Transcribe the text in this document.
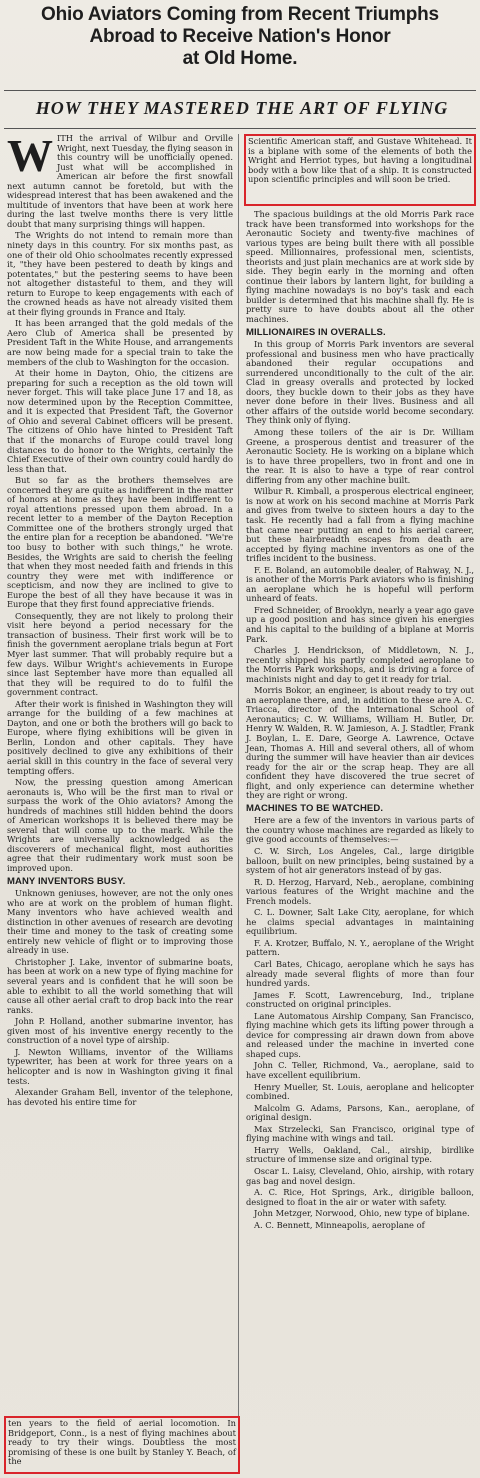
Ohio Aviators Coming from Recent Triumphs
Abroad to Receive Nation's Honor
at Old Home.
HOW THEY MASTERED THE ART OF FLYING
W ITH the arrival of Wilbur and Orville Wright, next Tuesday, the flying season in this country will be unofficially opened. Just what will be accomplished in American air before the first snowfall next autumn cannot be foretold, but with the widespread interest that has been awakened and the multitude of inventors that have been at work here during the last twelve months there is very little doubt that many surprising things will happen.

The Wrights do not intend to remain more than ninety days in this country. For six months past, as one of their old Ohio schoolmates recently expressed it, "they have been pestered to death by kings and potentates," but the pestering seems to have been not altogether distasteful to them, and they will return to Europe to keep engagements with each of the crowned heads as have not already visited them at their flying grounds in France and Italy.

It has been arranged that the gold medals of the Aero Club of America shall be presented by President Taft in the White House, and arrangements are now being made for a special train to take the members of the club to Washington for the occasion.

At their home in Dayton, Ohio, the citizens are preparing for such a reception as the old town will never forget. This will take place June 17 and 18, as now determined upon by the Reception Committee, and it is expected that President Taft, the Governor of Ohio and several Cabinet officers will be present. The citizens of Ohio have hinted to President Taft that if the monarchs of Europe could travel long distances to do honor to the Wrights, certainly the Chief Executive of their own country could hardly do less than that.

But so far as the brothers themselves are concerned they are quite as indifferent in the matter of honors at home as they have been indifferent to royal attentions pressed upon them abroad. In a recent letter to a member of the Dayton Reception Committee one of the brothers strongly urged that the entire plan for a reception be abandoned. "We're too busy to bother with such things," he wrote. Besides, the Wrights are said to cherish the feeling that when they most needed faith and friends in this country they were met with indifference or scepticism, and now they are inclined to give to Europe the best of all they have because it was in Europe that they first found appreciative friends.

Consequently, they are not likely to prolong their visit here beyond a period necessary for the transaction of business. Their first work will be to finish the government aeroplane trials begun at Fort Myer last summer. That will probably require but a few days. Wilbur Wright's achievements in Europe since last September have more than equalled all that they will be required to do to fulfil the government contract.

After their work is finished in Washington they will arrange for the building of a few machines at Dayton, and one or both the brothers will go back to Europe, where flying exhibitions will be given in Berlin, London and other capitals. They have positively declined to give any exhibitions of their aerial skill in this country in the face of several very tempting offers.

Now, the pressing question among American aeronauts is, Who will be the first man to rival or surpass the work of the Ohio aviators? Among the hundreds of machines still hidden behind the doors of American workshops it is believed there may be several that will come up to the mark. While the Wrights are universally acknowledged as the discoverers of mechanical flight, most authorities agree that their rudimentary work must soon be improved upon.

MANY INVENTORS BUSY.

Unknown geniuses, however, are not the only ones who are at work on the problem of human flight. Many inventors who have achieved wealth and distinction in other avenues of research are devoting their time and money to the task of creating some entirely new vehicle of flight or to improving those already in use.

Christopher J. Lake, inventor of submarine boats, has been at work on a new type of flying machine for several years and is confident that he will soon be able to exhibit to all the world something that will cause all other aerial craft to drop back into the rear ranks.

John P. Holland, another submarine inventor, has given most of his inventive energy recently to the construction of a novel type of airship.

J. Newton Williams, inventor of the Williams typewriter, has been at work for three years on a helicopter and is now in Washington giving it final tests.

Alexander Graham Bell, inventor of the telephone, has devoted his entire time for

ten years to the field of aerial locomotion. In Bridgeport, Conn., is a nest of flying machines about ready to try their wings. Doubtless the most promising of these is one built by Stanley Y. Beach, of the
Scientific American staff, and Gustave Whitehead. It is a biplane with some of the elements of both the Wright and Herriot types, but having a longitudinal body with a bow like that of a ship. It is constructed upon scientific principles and will soon be tried.

The spacious buildings at the old Morris Park race track have been transformed into workshops for the Aeronautic Society and twenty-five machines of various types are being built there with all possible speed. Millionnaires, professional men, scientists, theorists and just plain mechanics are at work side by side. They begin early in the morning and often continue their labors by lantern light, for building a flying machine nowadays is no boy's task and each builder is determined that his machine shall fly. He is pretty sure to have doubts about all the other machines.

MILLIONAIRES IN OVERALLS.

In this group of Morris Park inventors are several professional and business men who have practically abandoned their regular occupations and surrendered unconditionally to the cult of the air. Clad in greasy overalls and protected by locked doors, they buckle down to their jobs as they have never done before in their lives. Business and all other affairs of the outside world become secondary. They think only of flying.

Among these toilers of the air is Dr. William Greene, a prosperous dentist and treasurer of the Aeronautic Society. He is working on a biplane which is to have three propellers, two in front and one in the rear. It is also to have a type of rear control differing from any other machine built.

Wilbur R. Kimball, a prosperous electrical engineer, is now at work on his second machine at Morris Park and gives from twelve to sixteen hours a day to the task. He recently had a fall from a flying machine that came near putting an end to his aerial career, but these hairbreadth escapes from death are accepted by flying machine inventors as one of the trifles incident to the business.

F. E. Boland, an automobile dealer, of Rahway, N. J., is another of the Morris Park aviators who is finishing an aeroplane which he is hopeful will perform unheard of feats.

Fred Schneider, of Brooklyn, nearly a year ago gave up a good position and has since given his energies and his capital to the building of a biplane at Morris Park.

Charles J. Hendrickson, of Middletown, N. J., recently shipped his partly completed aeroplane to the Morris Park workshops, and is driving a force of machinists night and day to get it ready for trial.

Morris Bokor, an engineer, is about ready to try out an aeroplane there, and, in addition to these are A. C. Triacca, director of the International School of Aeronautics; C. W. Williams, William H. Butler, Dr. Henry W. Walden, R. W. Jamieson, A. J. Stadtler, Frank J. Boylan, L. E. Dare, George A. Lawrence, Octave Jean, Thomas A. Hill and several others, all of whom during the summer will have heavier than air devices ready for the air or the scrap heap. They are all confident they have discovered the true secret of flight, and only experience can determine whether they are right or wrong.

MACHINES TO BE WATCHED.

Here are a few of the inventors in various parts of the country whose machines are regarded as likely to give good accounts of themselves:—

C. W. Sirch, Los Angeles, Cal., large dirigible balloon, built on new principles, being sustained by a system of hot air generators instead of by gas.

R. D. Herzog, Harvard, Neb., aeroplane, combining various features of the Wright machine and the French models.

C. L. Downer, Salt Lake City, aeroplane, for which he claims special advantages in maintaining equilibrium.

F. A. Krotzer, Buffalo, N. Y., aeroplane of the Wright pattern.

Carl Bates, Chicago, aeroplane which he says has already made several flights of more than four hundred yards.

James F. Scott, Lawrenceburg, Ind., triplane constructed on original principles.

Lane Automatous Airship Company, San Francisco, flying machine which gets its lifting power through a device for compressing air drawn down from above and released under the machine in inverted cone shaped cups.

John C. Teller, Richmond, Va., aeroplane, said to have excellent equilibrium.

Henry Mueller, St. Louis, aeroplane and helicopter combined.

Malcolm G. Adams, Parsons, Kan., aeroplane, of original design.

Max Strzelecki, San Francisco, original type of flying machine with wings and tail.

Harry Wells, Oakland, Cal., airship, birdlike structure of immense size and original type.

Oscar L. Laisy, Cleveland, Ohio, airship, with rotary gas bag and novel design.

A. C. Rice, Hot Springs, Ark., dirigible balloon, designed to float in the air or water with safety.

John Metzger, Norwood, Ohio, new type of biplane.

A. C. Bennett, Minneapolis, aeroplane of
